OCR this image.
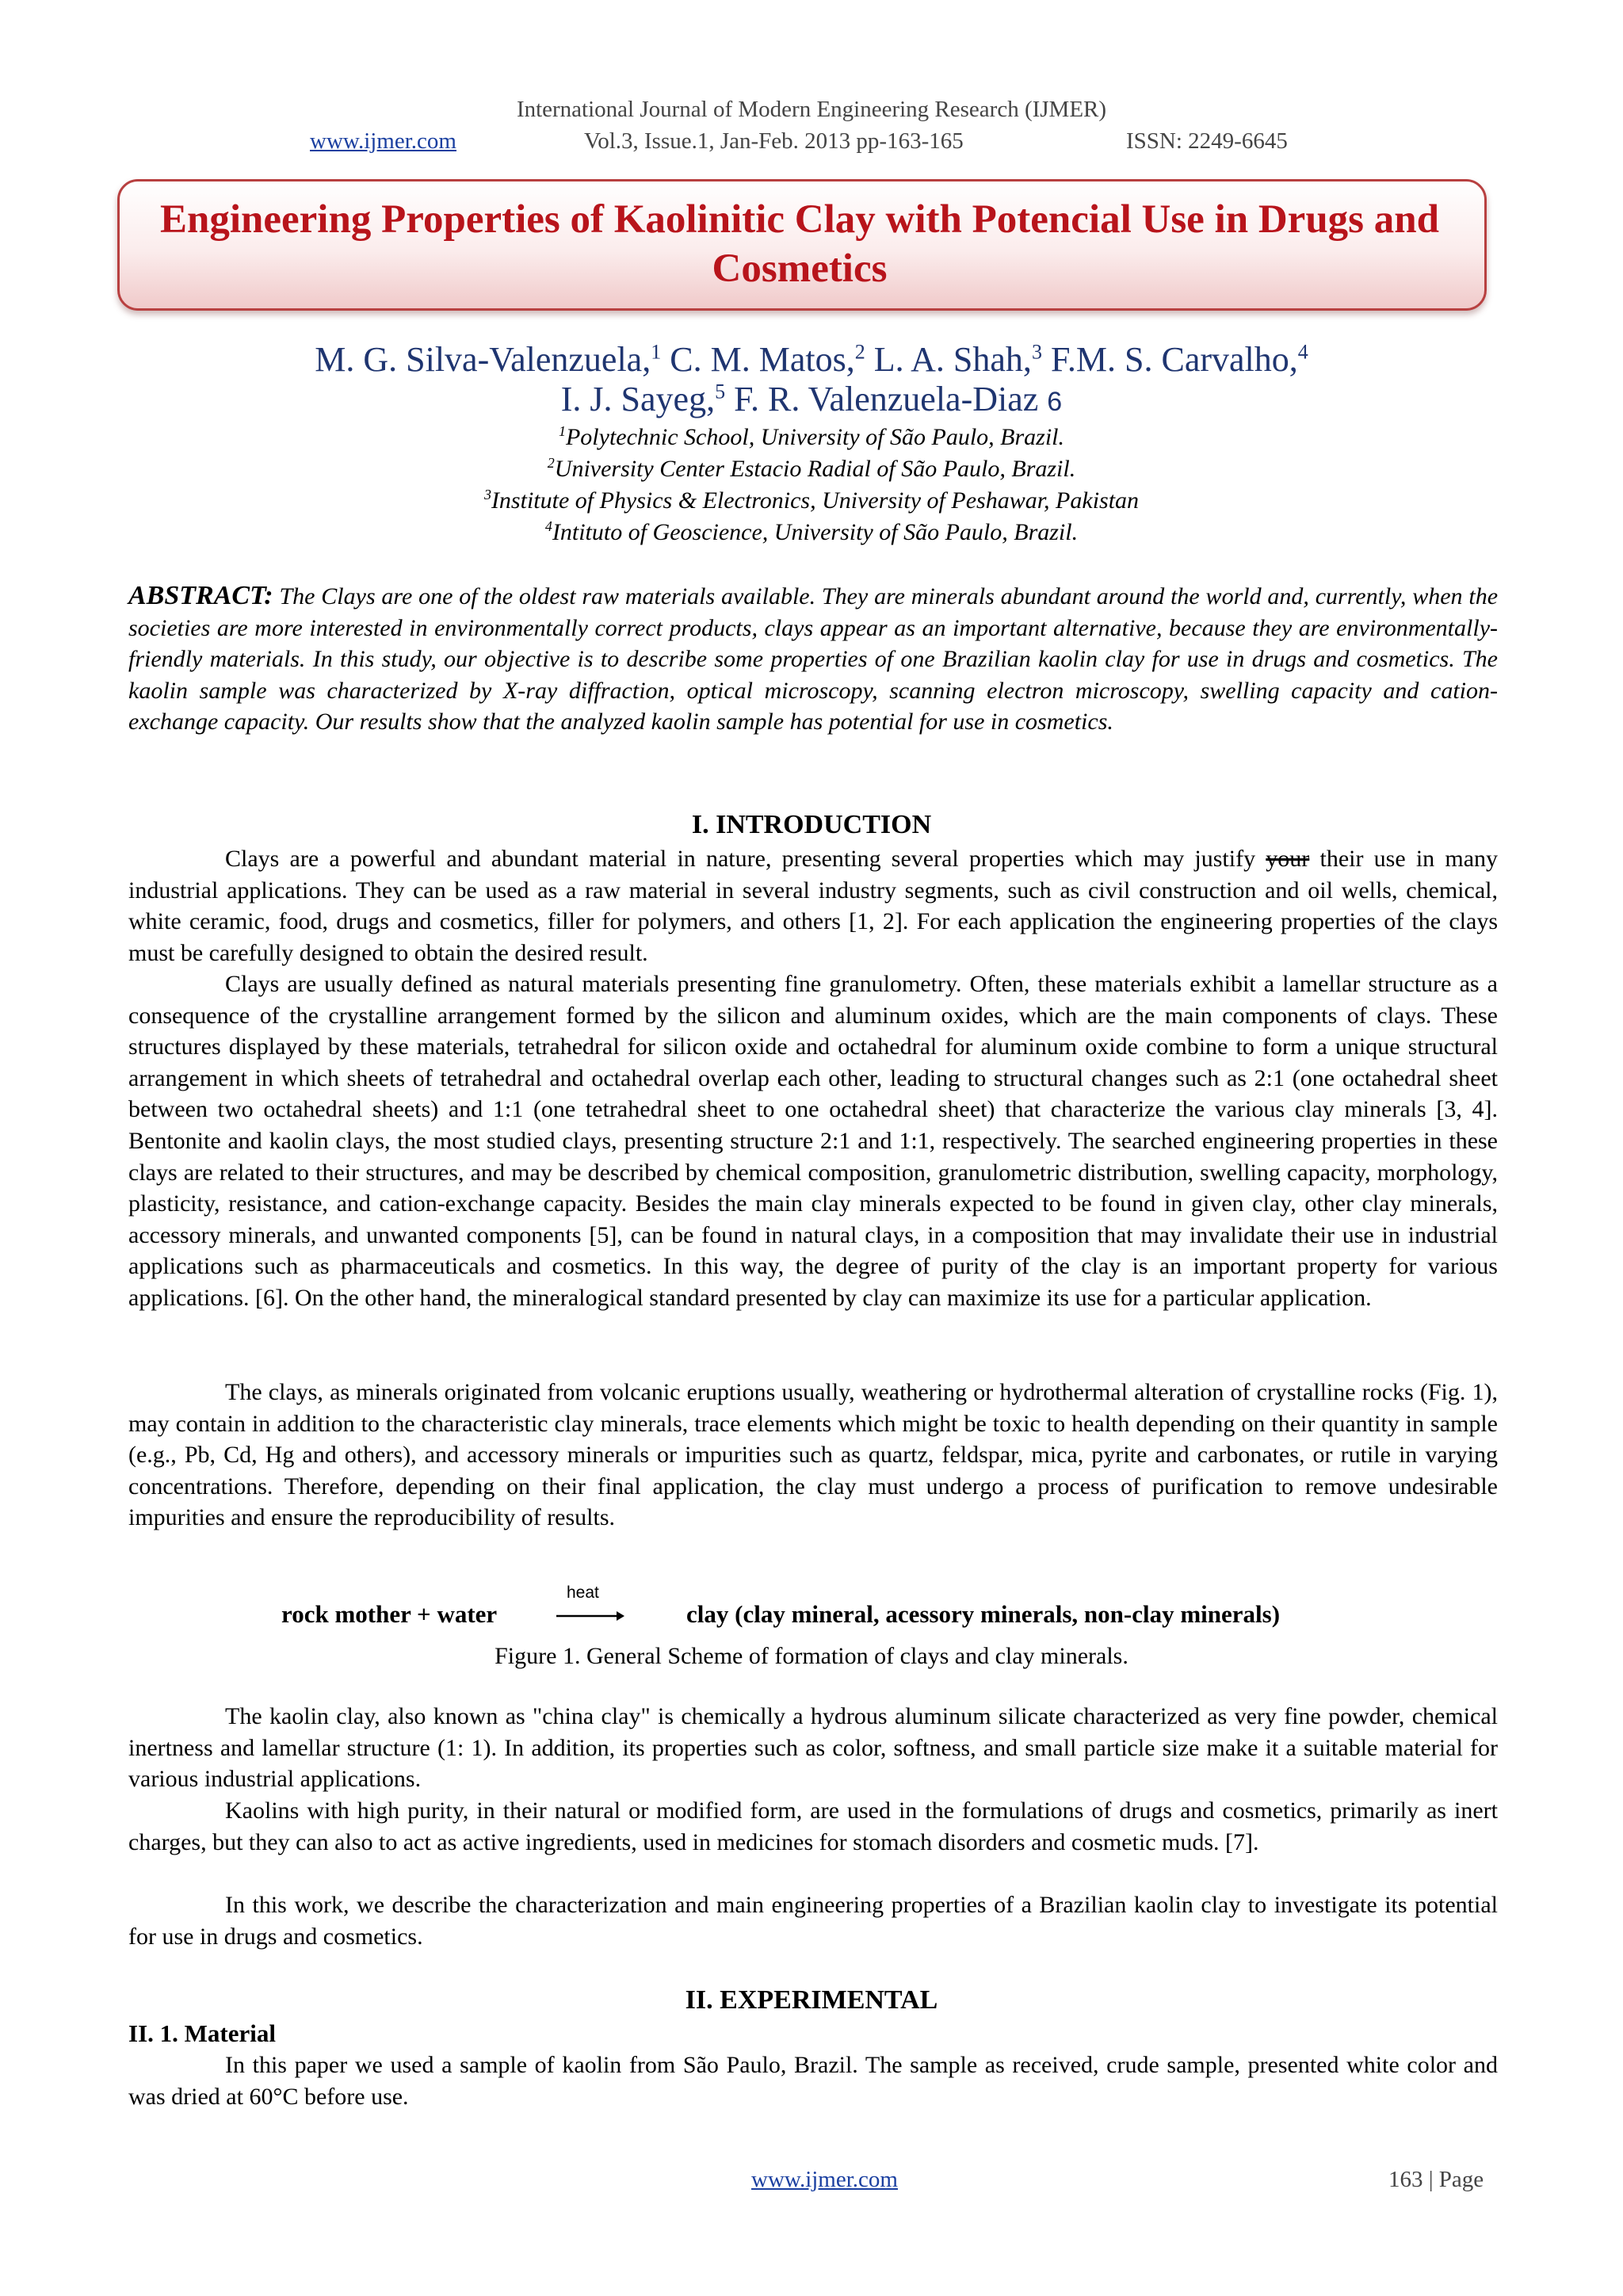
International Journal of Modern Engineering Research (IJMER)
www.ijmer.com	Vol.3, Issue.1, Jan-Feb. 2013 pp-163-165	ISSN: 2249-6645
Engineering Properties of Kaolinitic Clay with Potencial Use in Drugs and Cosmetics
M. G. Silva-Valenzuela,$^1$ C. M. Matos,$^2$ L. A. Shah,$^3$ F.M. S. Carvalho,$^4$
I. J. Sayeg,$^5$ F. R. Valenzuela-Diaz 6
$^1$Polytechnic School, University of São Paulo, Brazil.
$^2$University Center Estacio Radial of São Paulo, Brazil.
$^3$Institute of Physics & Electronics, University of Peshawar, Pakistan
$^4$Intituto of Geoscience, University of São Paulo, Brazil.

ABSTRACT: The Clays are one of the oldest raw materials available. They are minerals abundant around the world and, currently, when the societies are more interested in environmentally correct products, clays appear as an important alternative, because they are environmentally-friendly materials. In this study, our objective is to describe some properties of one Brazilian kaolin clay for use in drugs and cosmetics. The kaolin sample was characterized by X-ray diffraction, optical microscopy, scanning electron microscopy, swelling capacity and cation-exchange capacity. Our results show that the analyzed kaolin sample has potential for use in cosmetics.

I. INTRODUCTION

Clays are a powerful and abundant material in nature, presenting several properties which may justify your their use in many industrial applications. They can be used as a raw material in several industry segments, such as civil construction and oil wells, chemical, white ceramic, food, drugs and cosmetics, filler for polymers, and others [1, 2]. For each application the engineering properties of the clays must be carefully designed to obtain the desired result.

Clays are usually defined as natural materials presenting fine granulometry. Often, these materials exhibit a lamellar structure as a consequence of the crystalline arrangement formed by the silicon and aluminum oxides, which are the main components of clays. These structures displayed by these materials, tetrahedral for silicon oxide and octahedral for aluminum oxide combine to form a unique structural arrangement in which sheets of tetrahedral and octahedral overlap each other, leading to structural changes such as 2:1 (one octahedral sheet between two octahedral sheets) and 1:1 (one tetrahedral sheet to one octahedral sheet) that characterize the various clay minerals [3, 4]. Bentonite and kaolin clays, the most studied clays, presenting structure 2:1 and 1:1, respectively. The searched engineering properties in these clays are related to their structures, and may be described by chemical composition, granulometric distribution, swelling capacity, morphology, plasticity, resistance, and cation-exchange capacity. Besides the main clay minerals expected to be found in given clay, other clay minerals, accessory minerals, and unwanted components [5], can be found in natural clays, in a composition that may invalidate their use in industrial applications such as pharmaceuticals and cosmetics. In this way, the degree of purity of the clay is an important property for various applications. [6]. On the other hand, the mineralogical standard presented by clay can maximize its use for a particular application.

The clays, as minerals originated from volcanic eruptions usually, weathering or hydrothermal alteration of crystalline rocks (Fig. 1), may contain in addition to the characteristic clay minerals, trace elements which might be toxic to health depending on their quantity in sample (e.g., Pb, Cd, Hg and others), and accessory minerals or impurities such as quartz, feldspar, mica, pyrite and carbonates, or rutile in varying concentrations. Therefore, depending on their final application, the clay must undergo a process of purification to remove undesirable impurities and ensure the reproducibility of results.

rock mother + water
heat
clay (clay mineral, acessory minerals, non-clay minerals)
Figure 1. General Scheme of formation of clays and clay minerals.

The kaolin clay, also known as "china clay" is chemically a hydrous aluminum silicate characterized as very fine powder, chemical inertness and lamellar structure (1: 1). In addition, its properties such as color, softness, and small particle size make it a suitable material for various industrial applications.

Kaolins with high purity, in their natural or modified form, are used in the formulations of drugs and cosmetics, primarily as inert charges, but they can also to act as active ingredients, used in medicines for stomach disorders and cosmetic muds. [7].

In this work, we describe the characterization and main engineering properties of a Brazilian kaolin clay to investigate its potential for use in drugs and cosmetics.

II. EXPERIMENTAL
II. 1. Material

In this paper we used a sample of kaolin from São Paulo, Brazil. The sample as received, crude sample, presented white color and was dried at 60°C before use.

www.ijmer.com	163 | Page
